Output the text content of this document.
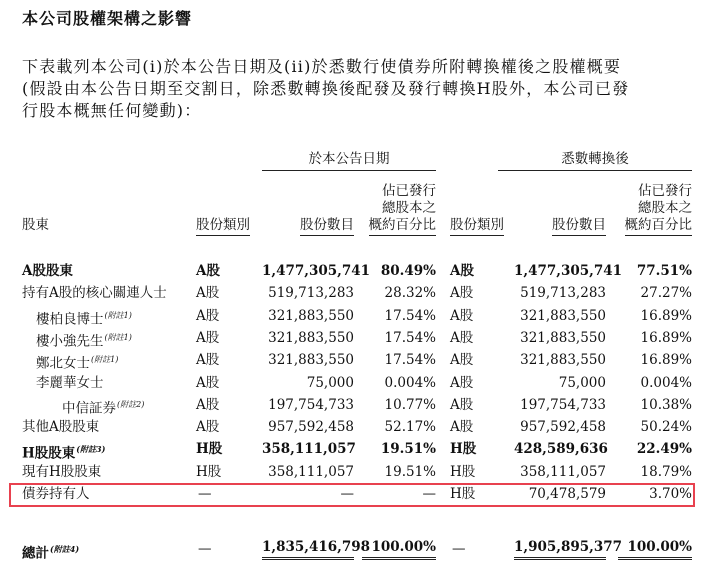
本公司股權架構之影響

下表載列本公司(i)於本公告日期及(ii)於悉數行使債券所附轉換權後之股權概要

(假設由本公告日期至交割日，除悉數轉換後配發及發行轉換H股外，本公司已發

行股本概無任何變動)：

於本公告日期	悉數轉換後
股東	股份類別	股份數目
佔已發行
總股本之
概約百分比 股份類別	股份數目
佔已發行
總股本之
概約百分比
A股股東	A股	1,477,305,741 80.49% A股	1,477,305,741	77.51%
持有A股的核心關連人士 A股	519,713,283	28.32% A股	519,713,283	27.27%
樓柏良博士$^{(附註1)}$	A股	321,883,550	17.54% A股	321,883,550	16.89%
樓小強先生$^{(附註1)}$	A股	321,883,550	17.54% A股	321,883,550	16.89%
鄭北女士$^{(附註1)}$	A股	321,883,550	17.54% A股	321,883,550	16.89%
李麗華女士	A股	75,000	0.004% A股	75,000	0.004%
中信証券$^{(附註2)}$	A股	197,754,733	10.77% A股	197,754,733	10.38%
其他A股股東	A股	957,592,458	52.17% A股	957,592,458	50.24%
H股股東$^{(附註3)}$	H股	358,111,057	19.51% H股	428,589,636	22.49%
現有H股股東	H股	358,111,057	19.51% H股	358,111,057	18.79%
債券持有人	—	—	— H股	70,478,579	3.70%
總計$^{(附註4)}$	—	1,835,416,798 100.00% —	1,905,895,377 100.00%
